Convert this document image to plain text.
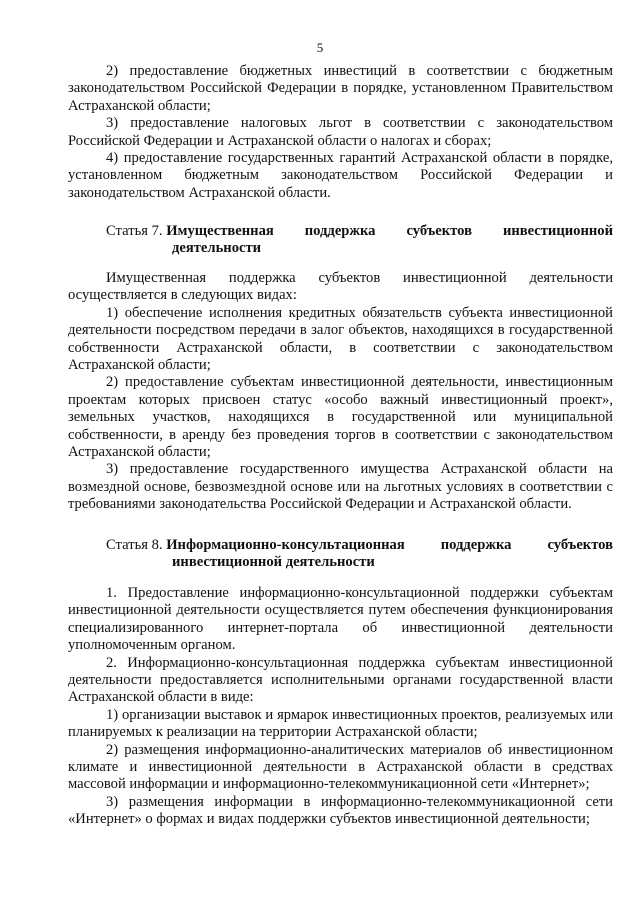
5

2) предоставление бюджетных инвестиций в соответствии с бюджетным законодательством Российской Федерации в порядке, установленном Правительством Астраханской области;

3) предоставление налоговых льгот в соответствии с законодательством Российской Федерации и Астраханской области о налогах и сборах;

4) предоставление государственных гарантий Астраханской области в порядке, установленном бюджетным законодательством Российской Федерации и законодательством Астраханской области.

Статья 7. Имущественная поддержка субъектов инвестиционной
деятельности

Имущественная поддержка субъектов инвестиционной деятельности осуществляется в следующих видах:

1) обеспечение исполнения кредитных обязательств субъекта инвестиционной деятельности посредством передачи в залог объектов, находящихся в государственной собственности Астраханской области, в соответствии с законодательством Астраханской области;

2) предоставление субъектам инвестиционной деятельности, инвестиционным проектам которых присвоен статус «особо важный инвестиционный проект», земельных участков, находящихся в государственной или муниципальной собственности, в аренду без проведения торгов в соответствии с законодательством Астраханской области;

3) предоставление государственного имущества Астраханской области на возмездной основе, безвозмездной основе или на льготных условиях в соответствии с требованиями законодательства Российской Федерации и Астраханской области.

Статья 8. Информационно-консультационная поддержка субъектов
инвестиционной деятельности

1. Предоставление информационно-консультационной поддержки субъектам инвестиционной деятельности осуществляется путем обеспечения функционирования специализированного интернет-портала об инвестиционной деятельности уполномоченным органом.

2. Информационно-консультационная поддержка субъектам инвестиционной деятельности предоставляется исполнительными органами государственной власти Астраханской области в виде:

1) организации выставок и ярмарок инвестиционных проектов, реализуемых или планируемых к реализации на территории Астраханской области;

2) размещения информационно-аналитических материалов об инвестиционном климате и инвестиционной деятельности в Астраханской области в средствах массовой информации и информационно-телекоммуникационной сети «Интернет»;

3) размещения информации в информационно-телекоммуникационной сети «Интернет» о формах и видах поддержки субъектов инвестиционной деятельности;
